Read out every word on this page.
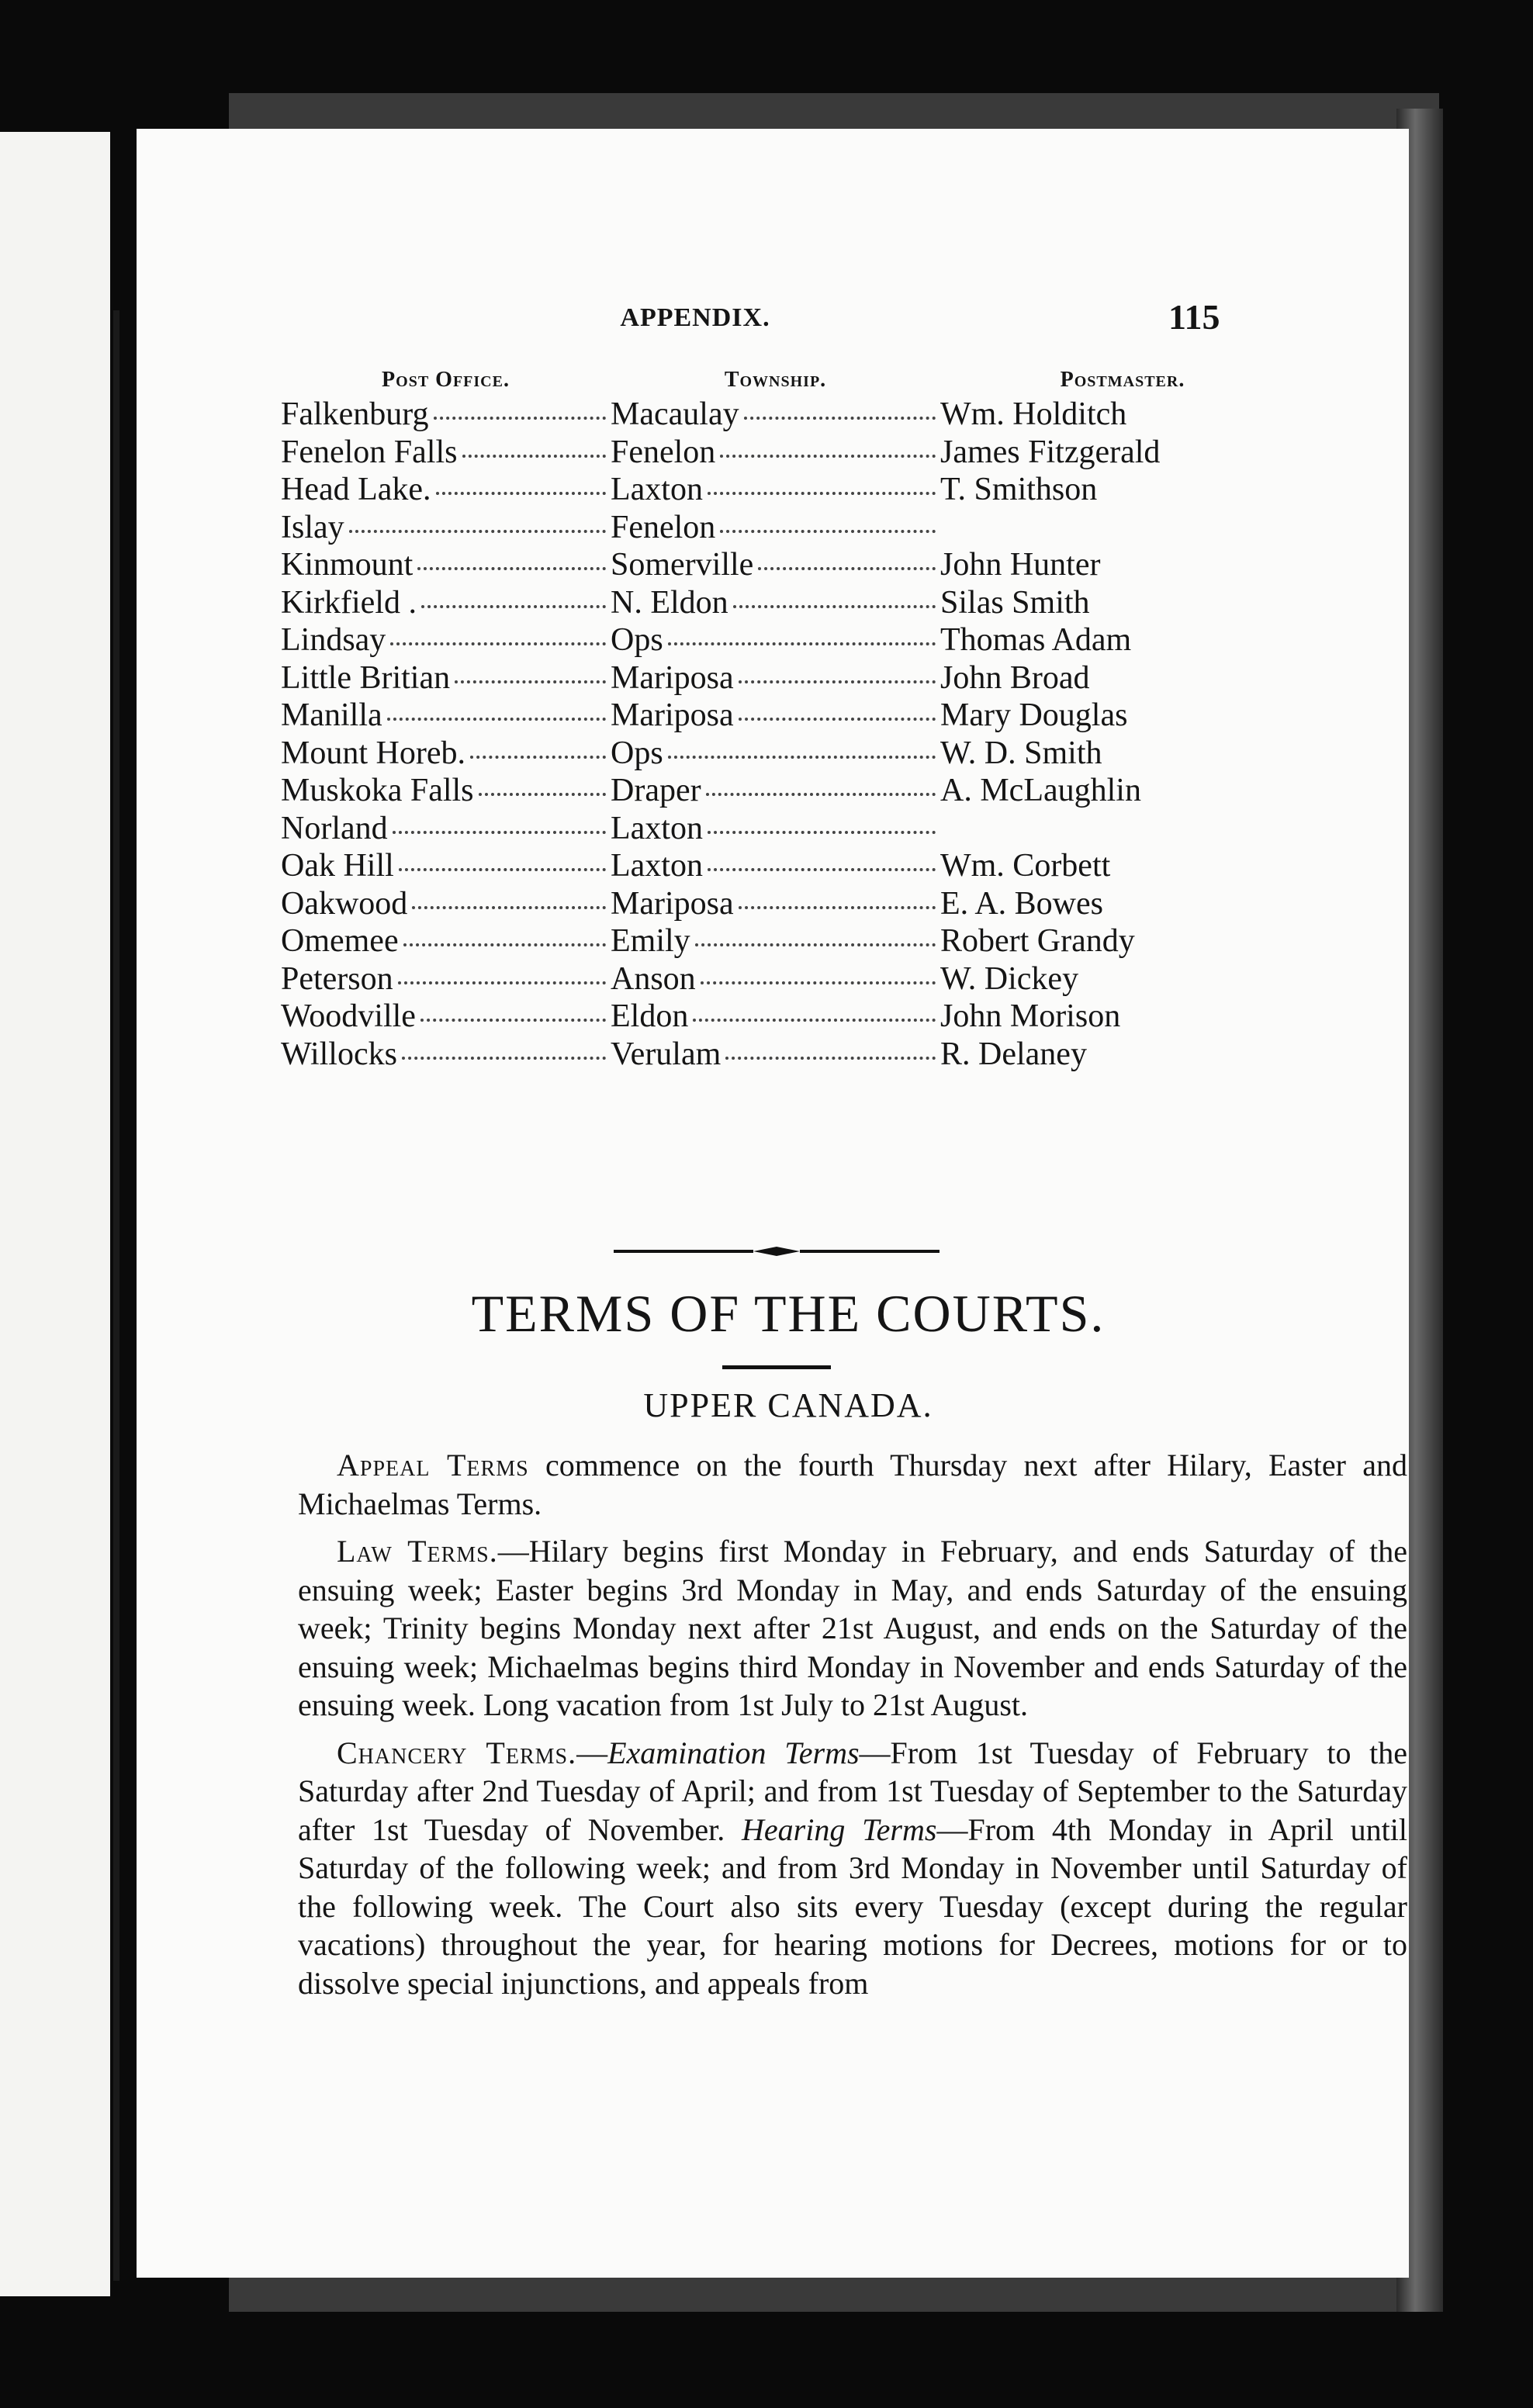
APPENDIX.	115
Post Office.	Township.	Postmaster.

Falkenburg	Macaulay	Wm. Holditch

Fenelon Falls	Fenelon	James Fitzgerald

Head Lake.	Laxton	T. Smithson

Islay	Fenelon	

Kinmount	Somerville	John Hunter

Kirkfield .	N. Eldon	Silas Smith

Lindsay	Ops	Thomas Adam

Little Britian	Mariposa	John Broad

Manilla	Mariposa	Mary Douglas

Mount Horeb.	Ops	W. D. Smith

Muskoka Falls	Draper	A. McLaughlin

Norland	Laxton	

Oak Hill	Laxton	Wm. Corbett

Oakwood	Mariposa	E. A. Bowes

Omemee	Emily	Robert Grandy

Peterson	Anson	W. Dickey

Woodville	Eldon	John Morison

Willocks	Verulam	R. Delaney
TERMS OF THE COURTS.
UPPER CANADA.

Appeal Terms commence on the fourth Thursday next after Hilary, Easter and Michaelmas Terms.

Law Terms.—Hilary begins first Monday in February, and ends Saturday of the ensuing week; Easter begins 3rd Monday in May, and ends Saturday of the ensuing week; Trinity begins Monday next after 21st August, and ends on the Saturday of the ensuing week; Michaelmas begins third Monday in November and ends Saturday of the ensuing week. Long vacation from 1st July to 21st August.

Chancery Terms.—Examination Terms—From 1st Tuesday of February to the Saturday after 2nd Tuesday of April; and from 1st Tuesday of September to the Saturday after 1st Tuesday of November. Hearing Terms—From 4th Monday in April until Saturday of the following week; and from 3rd Monday in November until Saturday of the following week. The Court also sits every Tuesday (except during the regular vacations) throughout the year, for hearing motions for Decrees, motions for or to dissolve special injunctions, and appeals from
